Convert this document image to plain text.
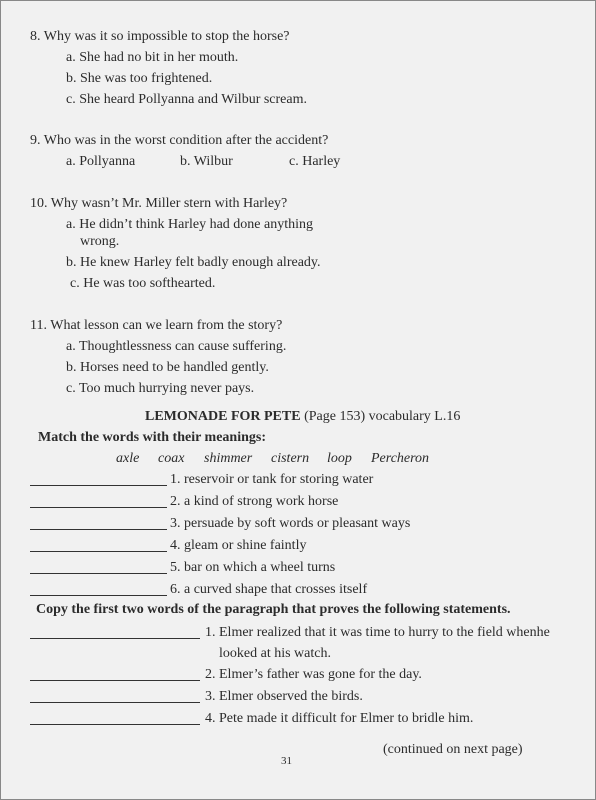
8. Why was it so impossible to stop the horse?
a. She had no bit in her mouth.
b. She was too frightened.
c. She heard Pollyanna and Wilbur scream.
9. Who was in the worst condition after the accident?
a. Pollyanna	b. Wilbur	c. Harley
10. Why wasn’t Mr. Miller stern with Harley?
a. He didn’t think Harley had done anything
wrong.
b. He knew Harley felt badly enough already.
c. He was too softhearted.
11. What lesson can we learn from the story?
a. Thoughtlessness can cause suffering.
b. Horses need to be handled gently.
c. Too much hurrying never pays.
LEMONADE FOR PETE (Page 153) vocabulary L.16
Match the words with their meanings:
axle coax shimmer cistern loop Percheron
1. reservoir or tank for storing water
2. a kind of strong work horse
3. persuade by soft words or pleasant ways
4. gleam or shine faintly
5. bar on which a wheel turns
6. a curved shape that crosses itself
Copy the first two words of the paragraph that proves the following statements.
1. Elmer realized that it was time to hurry to the field whenhe
looked at his watch.
2. Elmer’s father was gone for the day.
3. Elmer observed the birds.
4. Pete made it difficult for Elmer to bridle him.
31
(continued on next page)
